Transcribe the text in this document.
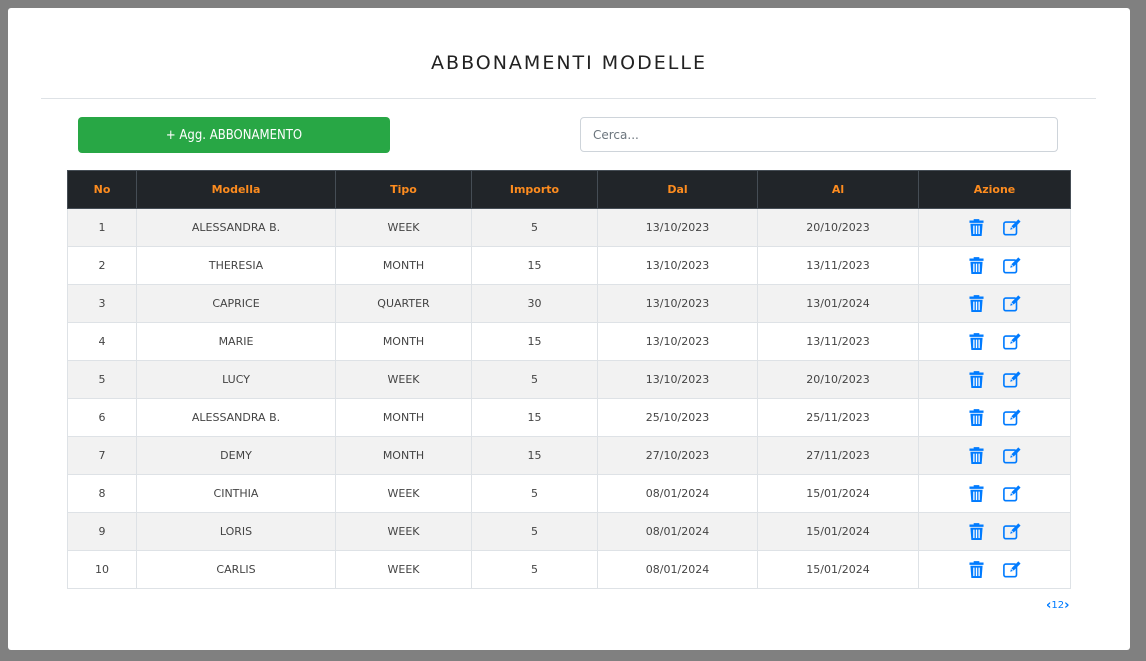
ABBONAMENTI MODELLE
+ Agg. ABBONAMENTO
Cerca...
No	Modella	Tipo	Importo	Dal	Al	Azione
1	ALESSANDRA B.	WEEK	5	13/10/2023	20/10/2023	

2	THERESIA	MONTH	15	13/10/2023	13/11/2023	

3	CAPRICE	QUARTER	30	13/10/2023	13/01/2024	

4	MARIE	MONTH	15	13/10/2023	13/11/2023	

5	LUCY	WEEK	5	13/10/2023	20/10/2023	

6	ALESSANDRA B.	MONTH	15	25/10/2023	25/11/2023	

7	DEMY	MONTH	15	27/10/2023	27/11/2023	

8	CINTHIA	WEEK	5	08/01/2024	15/01/2024	

9	LORIS	WEEK	5	08/01/2024	15/01/2024	

10	CARLIS	WEEK	5	08/01/2024	15/01/2024	
‹ 1 2 ›
